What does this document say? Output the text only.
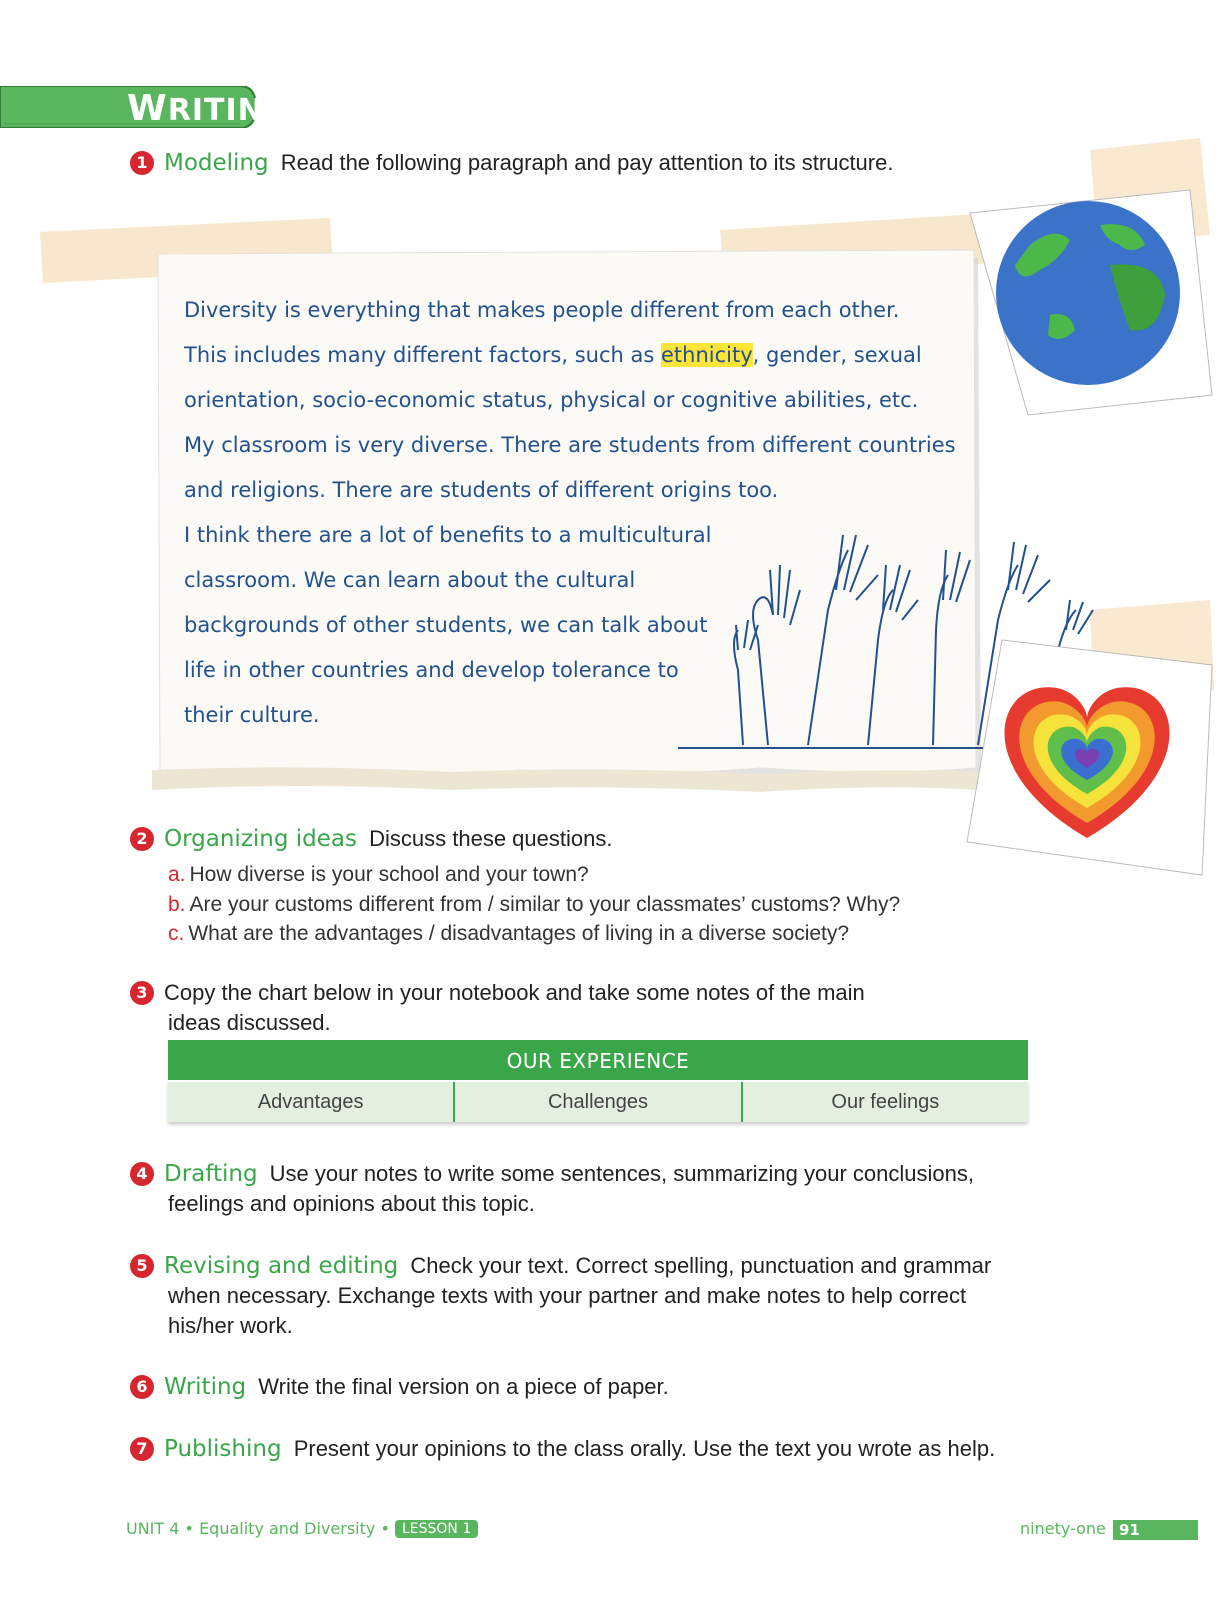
WRITING
1 Modeling Read the following paragraph and pay attention to its structure.
Diversity is everything that makes people different from each other.
This includes many different factors, such as ethnicity, gender, sexual
orientation, socio-economic status, physical or cognitive abilities, etc.
My classroom is very diverse. There are students from different countries
and religions. There are students of different origins too.
I think there are a lot of benefits to a multicultural
classroom. We can learn about the cultural
backgrounds of other students, we can talk about
life in other countries and develop tolerance to
their culture.
2 Organizing ideas Discuss these questions.
a. How diverse is your school and your town?
b. Are your customs different from / similar to your classmates’ customs? Why?
c. What are the advantages / disadvantages of living in a diverse society?
3 Copy the chart below in your notebook and take some notes of the main
ideas discussed.
OUR EXPERIENCE
Advantages	Challenges	Our feelings
4 Drafting Use your notes to write some sentences, summarizing your conclusions,
feelings and opinions about this topic.
5 Revising and editing Check your text. Correct spelling, punctuation and grammar
when necessary. Exchange texts with your partner and make notes to help correct
his/her work.
6 Writing Write the final version on a piece of paper.
7 Publishing Present your opinions to the class orally. Use the text you wrote as help.
UNIT 4 • Equality and Diversity • LESSON 1	ninety-one 91
